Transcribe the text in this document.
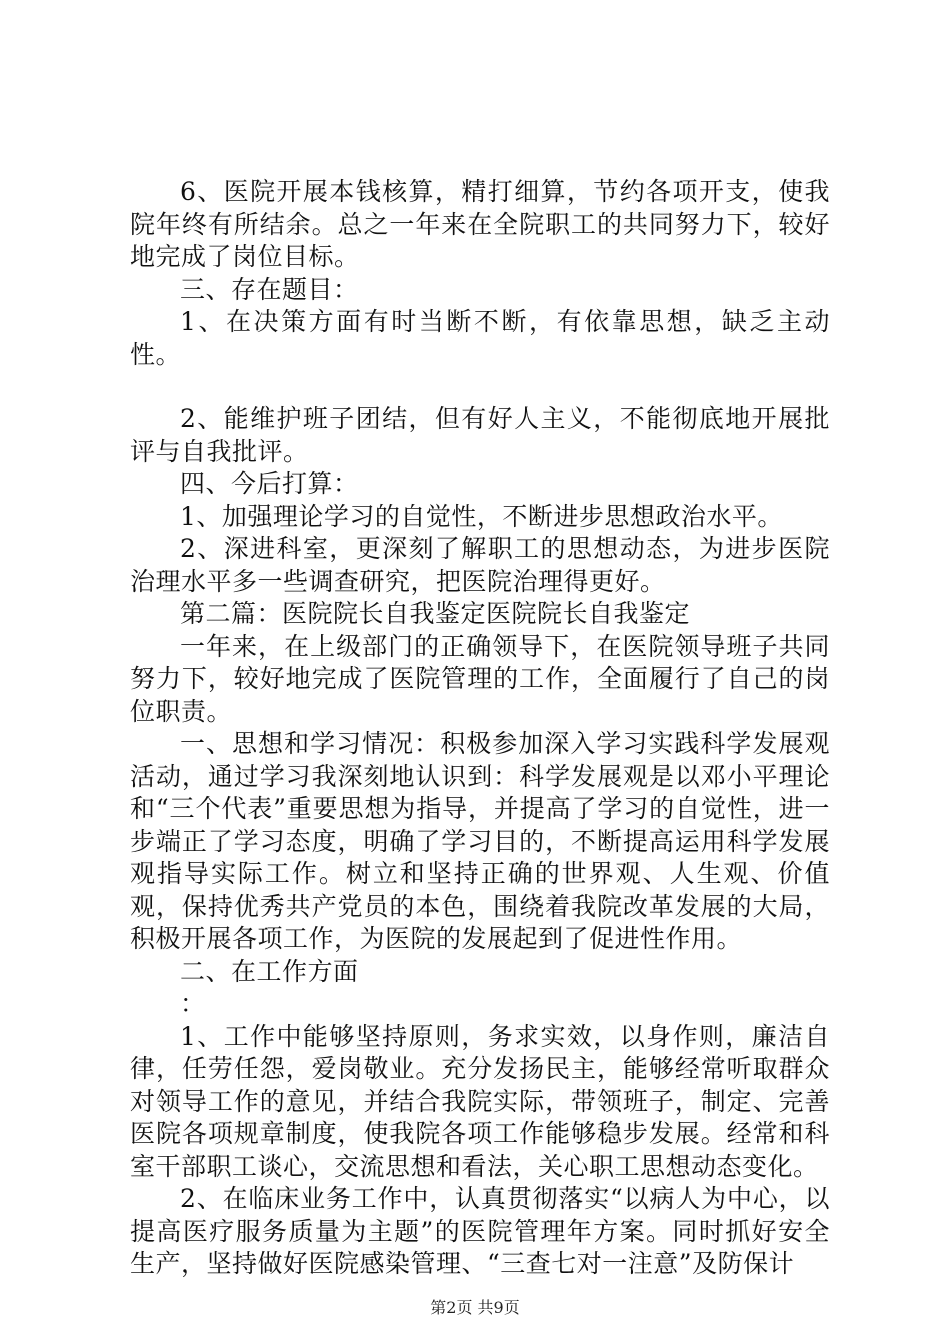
6、医院开展本钱核算，精打细算，节约各项开支，使我院年终有所结余。总之一年来在全院职工的共同努力下，较好地完成了岗位目标。

三、存在题目：

1、在决策方面有时当断不断，有依靠思想，缺乏主动性。

2、能维护班子团结，但有好人主义，不能彻底地开展批评与自我批评。

四、今后打算：

1、加强理论学习的自觉性，不断进步思想政治水平。

2、深进科室，更深刻了解职工的思想动态，为进步医院治理水平多一些调查研究，把医院治理得更好。

第二篇：医院院长自我鉴定医院院长自我鉴定

一年来，在上级部门的正确领导下，在医院领导班子共同努力下，较好地完成了医院管理的工作，全面履行了自己的岗位职责。

一、思想和学习情况：积极参加深入学习实践科学发展观活动，通过学习我深刻地认识到：科学发展观是以邓小平理论和“三个代表”重要思想为指导，并提高了学习的自觉性，进一步端正了学习态度，明确了学习目的，不断提高运用科学发展观指导实际工作。树立和坚持正确的世界观、人生观、价值观，保持优秀共产党员的本色，围绕着我院改革发展的大局，积极开展各项工作，为医院的发展起到了促进性作用。

二、在工作方面

：

1、工作中能够坚持原则，务求实效，以身作则，廉洁自律，任劳任怨，爱岗敬业。充分发扬民主，能够经常听取群众对领导工作的意见，并结合我院实际，带领班子，制定、完善医院各项规章制度，使我院各项工作能够稳步发展。经常和科室干部职工谈心，交流思想和看法，关心职工思想动态变化。

2、在临床业务工作中，认真贯彻落实“以病人为中心，以提高医疗服务质量为主题”的医院管理年方案。同时抓好安全生产，坚持做好医院感染管理、“三查七对一注意”及防保计

第2页 共9页
